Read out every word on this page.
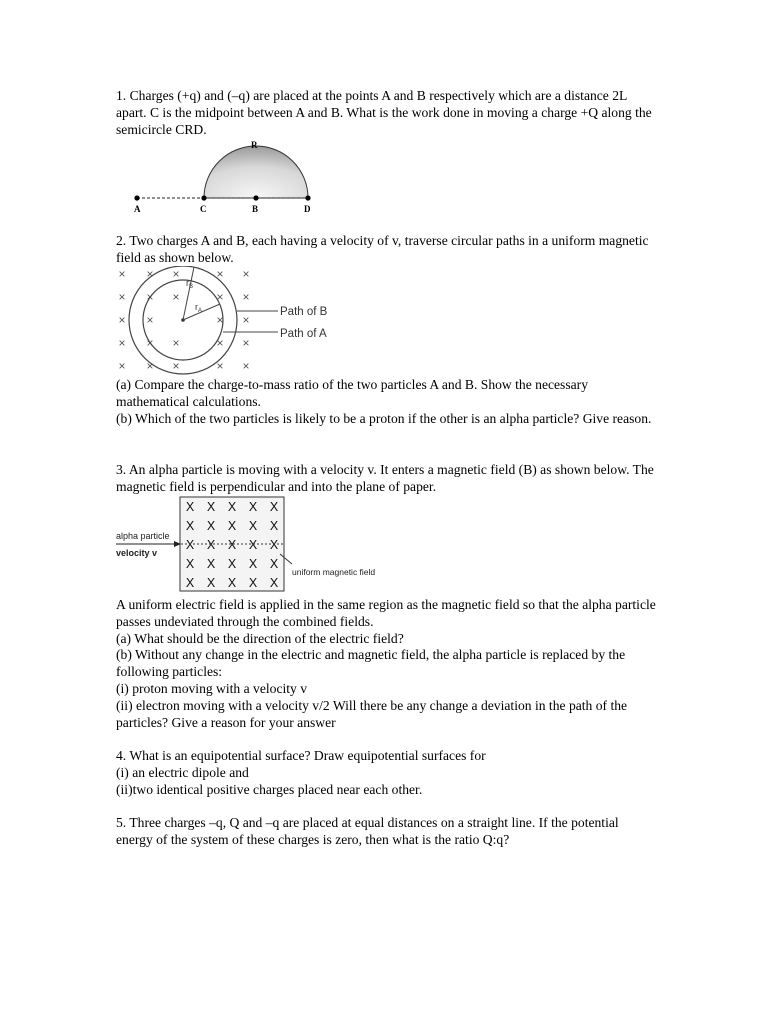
1. Charges (+q) and (–q) are placed at the points A and B respectively which are a distance 2L apart. C is the midpoint between A and B. What is the work done in moving a charge +Q along the semicircle CRD.

R
A	C	B	D

2. Two charges A and B, each having a velocity of v, traverse circular paths in a uniform magnetic field as shown below.

× × ×	× ×
× × ×	× ×
× ×	× ×
× × ×	× ×
× × ×	× ×
$r_B$
$r_A$	Path of B
Path of A

(a) Compare the charge-to-mass ratio of the two particles A and B. Show the necessary mathematical calculations.

(b) Which of the two particles is likely to be a proton if the other is an alpha particle? Give reason.

3. An alpha particle is moving with a velocity v. It enters a magnetic field (B) as shown below. The magnetic field is perpendicular and into the plane of paper.

X X X X X
X X X X X
X X X X X
X X X X X
X X X X X
alpha particle
velocity v
uniform magnetic field

A uniform electric field is applied in the same region as the magnetic field so that the alpha particle passes undeviated through the combined fields.

(a) What should be the direction of the electric field?

(b) Without any change in the electric and magnetic field, the alpha particle is replaced by the following particles:

(i) proton moving with a velocity v

(ii) electron moving with a velocity v/2 Will there be any change a deviation in the path of the particles? Give a reason for your answer

4. What is an equipotential surface? Draw equipotential surfaces for

(i) an electric dipole and

(ii)two identical positive charges placed near each other.

5. Three charges –q, Q and –q are placed at equal distances on a straight line. If the potential energy of the system of these charges is zero, then what is the ratio Q:q?
